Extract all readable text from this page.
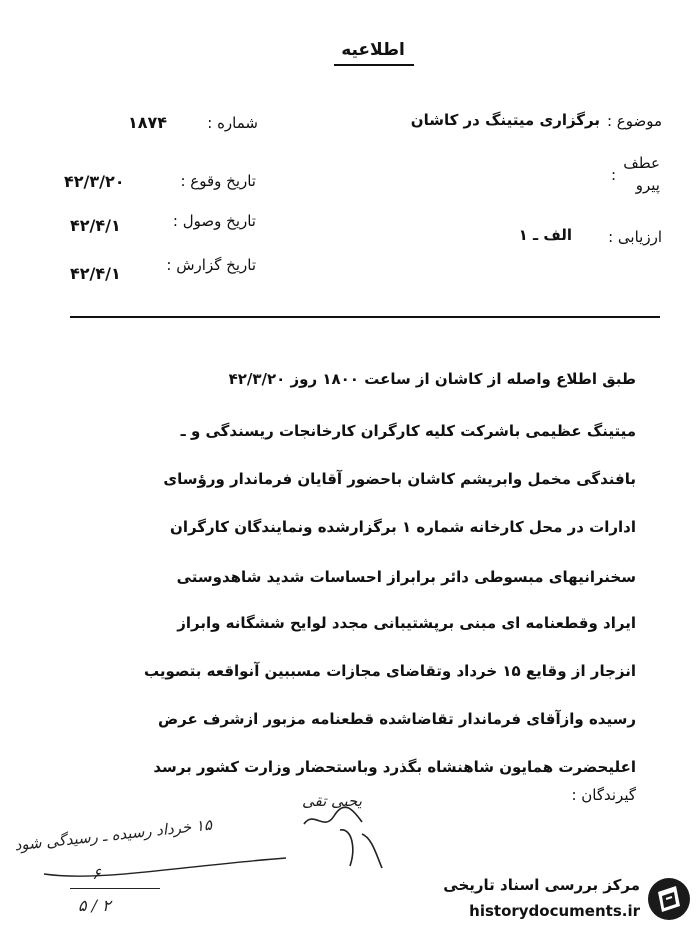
اطلاعیه
موضوع :
برگزاری میتینگ در کاشان
عطف
پیرو
:
ارزیابی :
الف ـ ۱
شماره :
۱۸۷۴
تاریخ وقوع :
۴۲/۳/۲۰
تاریخ وصول :
۴۲/۴/۱
تاریخ گزارش :
۴۲/۴/۱
طبق اطلاع واصله از کاشان از ساعت ۱۸۰۰ روز ۴۲/۳/۲۰
میتینگ عظیمی باشرکت کلیه کارگران کارخانجات ریسندگی و ـ
بافندگی مخمل وابریشم کاشان باحضور آقایان فرماندار ورؤسای
ادارات در محل کارخانه شماره ۱ برگزارشده ونمایندگان کارگران
سخنرانیهای مبسوطی دائر برابراز احساسات شدید شاهدوستی
ایراد وقطعنامه ای مبنی برپشتیبانی مجدد لوایح ششگانه وابراز
انزجار از وقایع ۱۵ خرداد وتقاضای مجازات مسببین آنواقعه بتصویب
رسیده وازآقای فرماندار تقاضاشده قطعنامه مزبور ازشرف عرض
اعلیحضرت همایون شاهنشاه بگذرد وباستحضار وزارت کشور برسد
گیرندگان :
یحیی تقی
۱۵ خرداد رسیده ـ رسیدگی شود
۶
۵ / ۲
مرکز بررسی اسناد تاریخی
historydocuments.ir
